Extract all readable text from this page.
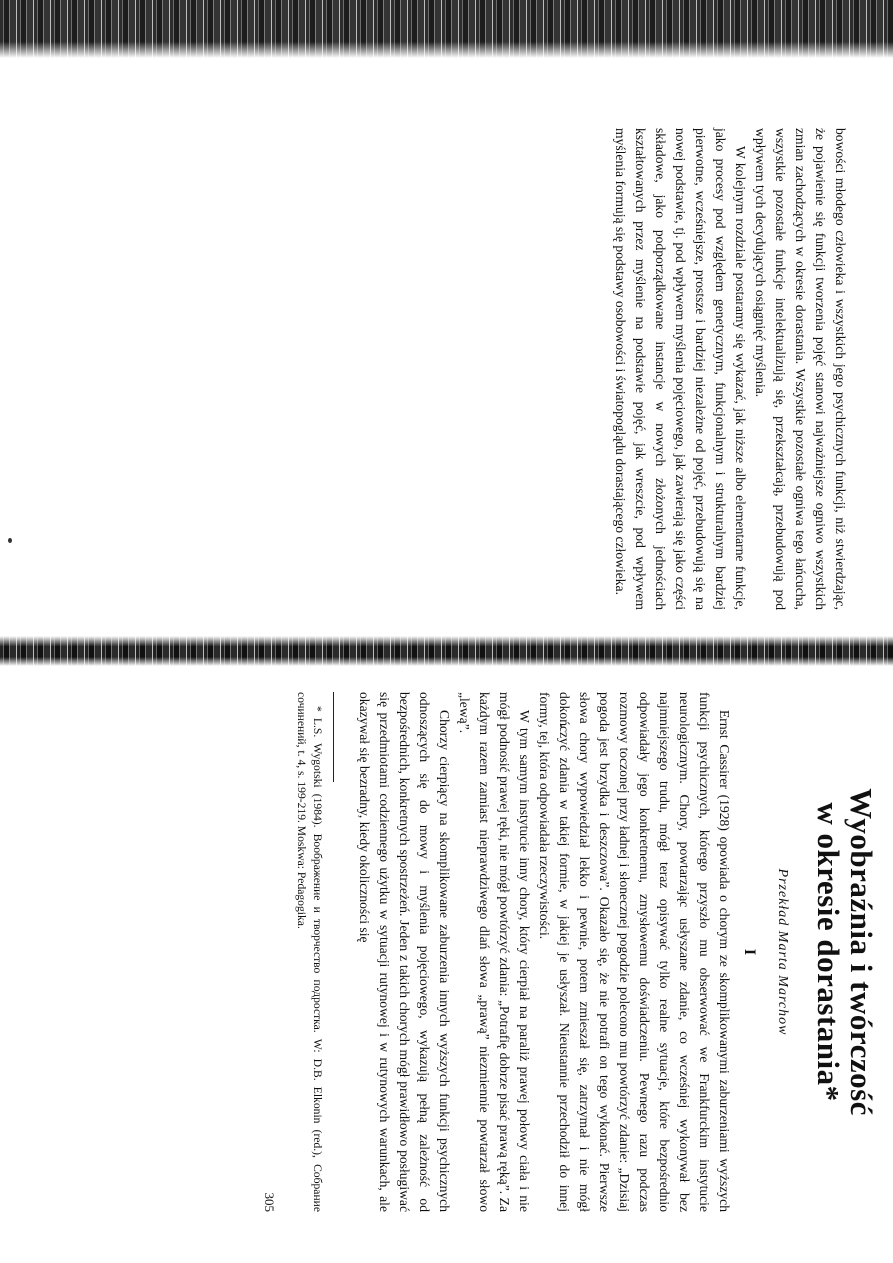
bowości młodego człowieka i wszystkich jego psychicznych funkcji, niż stwierdzając, że pojawienie się funkcji tworzenia pojęć stanowi najważniejsze ogniwo wszystkich zmian zachodzących w okresie dorastania. Wszystkie pozostałe ogniwa tego łańcucha, wszystkie pozostałe funkcje intelektualizują się, przekształcają, przebudowują pod wpływem tych decydujących osiągnięć myślenia.

W kolejnym rozdziale postaramy się wykazać, jak niższe albo elementarne funkcje, jako procesy pod względem genetycznym, funkcjonalnym i strukturalnym bardziej pierwotne, wcześniejsze, prostsze i bardziej niezależne od pojęć, przebudowują się na nowej podstawie, tj. pod wpływem myślenia pojęciowego, jak zawierają się jako części składowe, jako podporządkowane instancje w nowych złożonych jednościach kształtowanych przez myślenie na podstawie pojęć, jak wreszcie, pod wpływem myślenia formują się podstawy osobowości i światopoglądu dorastającego człowieka.

Wyobraźnia i twórczość
w okresie dorastania*

Przekład Marta Marchow

I

Ernst Cassirer (1928) opowiada o chorym ze skomplikowanymi zaburzeniami wyższych funkcji psychicznych, którego przyszło mu obserwować we Frankfurckim instytucie neurologicznym. Chory, powtarzając usłyszane zdanie, co wcześniej wykonywał bez najmniejszego trudu, mógł teraz opisywać tylko realne sytuacje, które bezpośrednio odpowiadały jego konkretnemu, zmysłowemu doświadczeniu. Pewnego razu podczas rozmowy toczonej przy ładnej i słonecznej pogodzie polecono mu powtórzyć zdanie: „Dzisiaj pogoda jest brzydka i deszczowa”. Okazało się, że nie potrafi on tego wykonać. Pierwsze słowa chory wypowiedział lekko i pewnie, potem zmieszał się, zatrzymał i nie mógł dokończyć zdania w takiej formie, w jakiej je usłyszał. Nieustannie przechodził do innej formy, tej, która odpowiadała rzeczywistości.

W tym samym instytucie inny chory, który cierpiał na paraliż prawej połowy ciała i nie mógł podnosić prawej ręki, nie mógł powtórzyć zdania: „Potrafię dobrze pisać prawą ręką”. Za każdym razem zamiast nieprawdziwego dlań słowa „prawą” niezmiennie powtarzał słowo „lewą”.

Chorzy cierpiący na skomplikowane zaburzenia innych wyższych funkcji psychicznych odnoszących się do mowy i myślenia pojęciowego, wykazują pełną zależność od bezpośrednich, konkretnych spostrzeżeń. Jeden z takich chorych mógł prawidłowo posługiwać się przedmiotami codziennego użytku w sytuacji rutynowej i w rutynowych warunkach, ale okazywał się bezradny, kiedy okoliczności się

* L.S. Wygotski (1984). Воображение и творчество подростка. W: D.B. Elkonin (red.), Собрание сочинений, t. 4, s. 199-219. Moskwa: Pedagogika.

305
